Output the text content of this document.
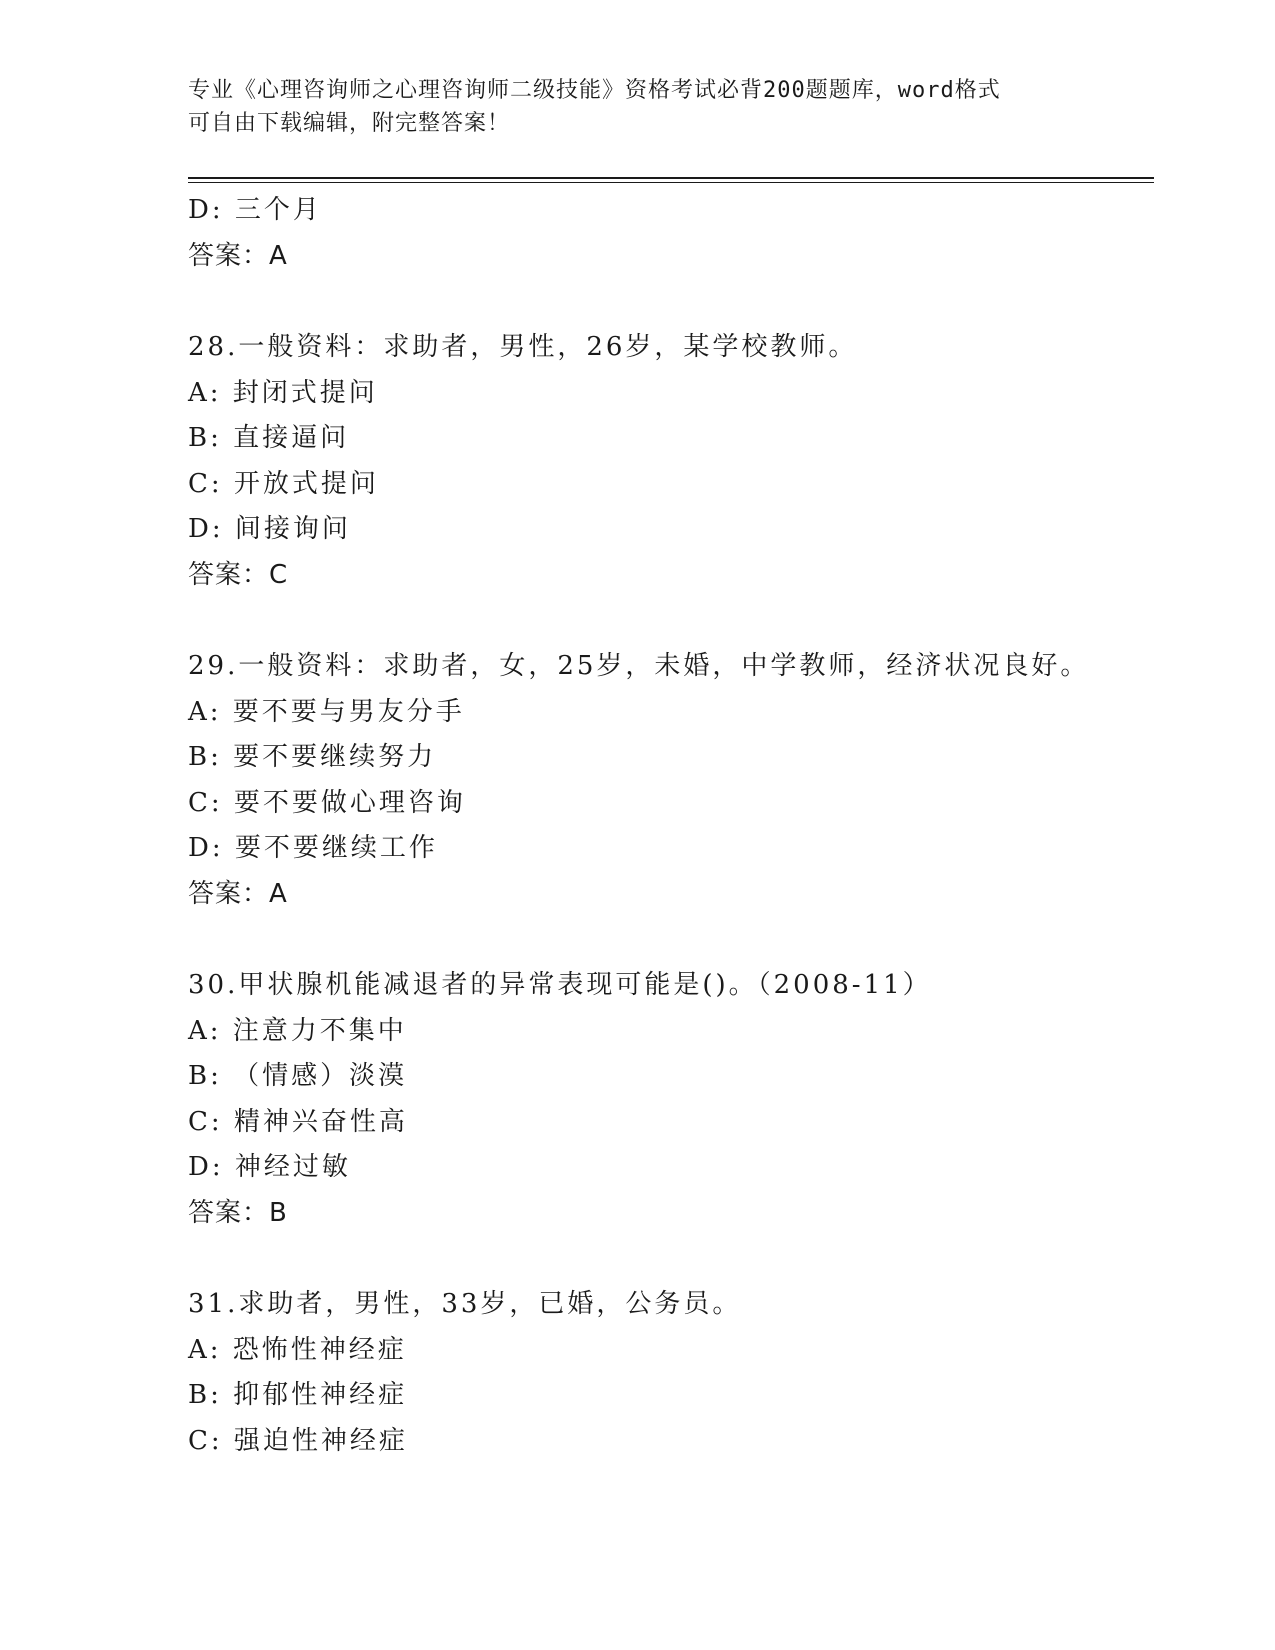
专业《心理咨询师之心理咨询师二级技能》资格考试必背200题题库，word格式
可自由下载编辑，附完整答案！
D: 三个月
答案：A
28.一般资料：求助者，男性，26岁，某学校教师。
A: 封闭式提问
B: 直接逼问
C: 开放式提问
D: 间接询问
答案：C
29.一般资料：求助者，女，25岁，未婚，中学教师，经济状况良好。
A: 要不要与男友分手
B: 要不要继续努力
C: 要不要做心理咨询
D: 要不要继续工作
答案：A
30.甲状腺机能减退者的异常表现可能是()。（2008-11）
A: 注意力不集中
B: （情感）淡漠
C: 精神兴奋性高
D: 神经过敏
答案：B
31.求助者，男性，33岁，已婚，公务员。
A: 恐怖性神经症
B: 抑郁性神经症
C: 强迫性神经症
